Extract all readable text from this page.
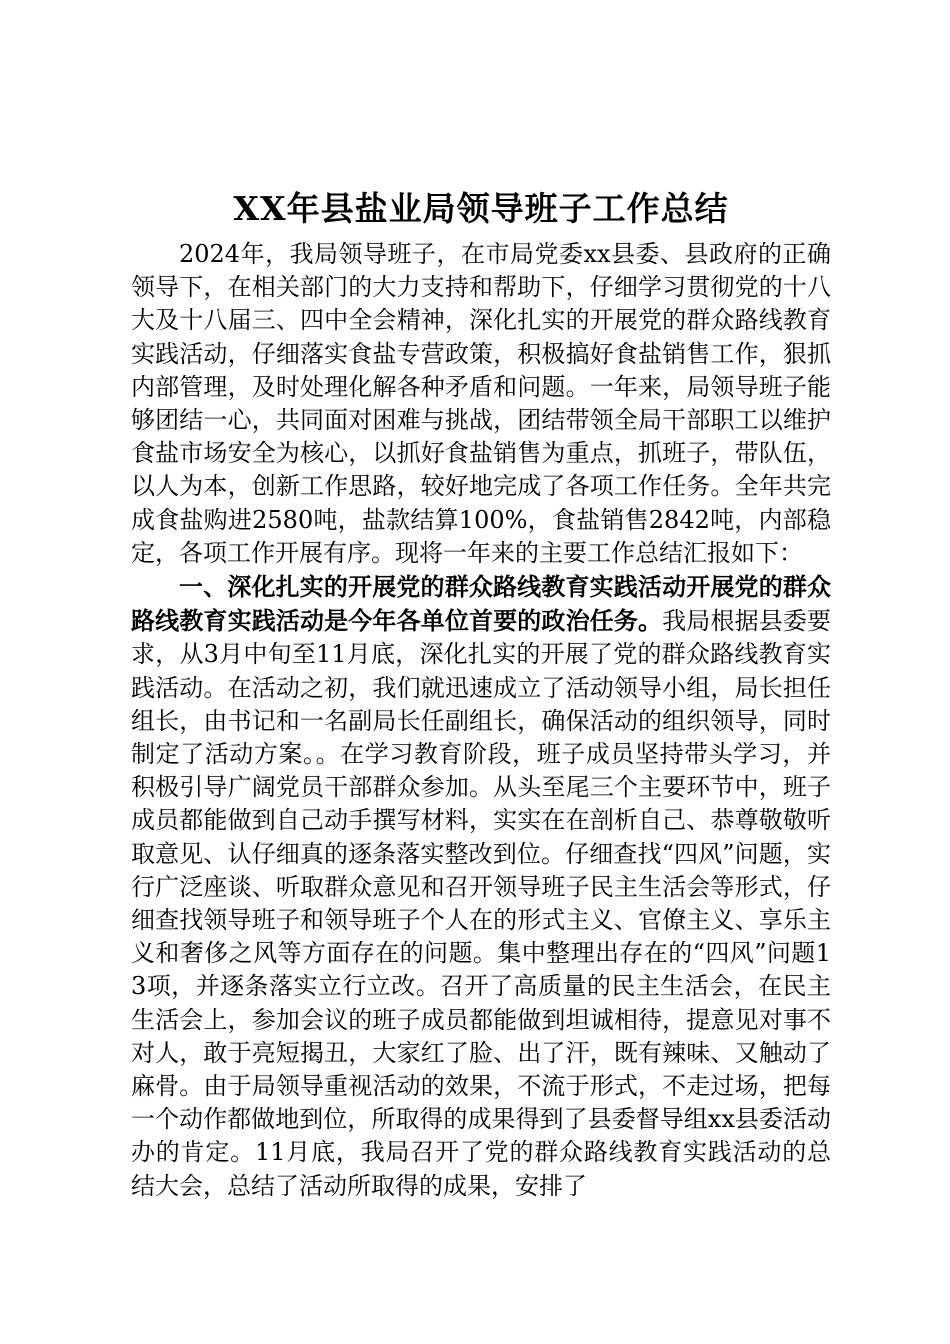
XX年县盐业局领导班子工作总结

2024年，我局领导班子，在市局党委xx县委、县政府的正确领导下，在相关部门的大力支持和帮助下，仔细学习贯彻党的十八大及十八届三、四中全会精神，深化扎实的开展党的群众路线教育实践活动，仔细落实食盐专营政策，积极搞好食盐销售工作，狠抓内部管理，及时处理化解各种矛盾和问题。一年来，局领导班子能够团结一心，共同面对困难与挑战，团结带领全局干部职工以维护食盐市场安全为核心，以抓好食盐销售为重点，抓班子，带队伍，以人为本，创新工作思路，较好地完成了各项工作任务。全年共完成食盐购进2580吨，盐款结算100%，食盐销售2842吨，内部稳定，各项工作开展有序。现将一年来的主要工作总结汇报如下：

一、深化扎实的开展党的群众路线教育实践活动开展党的群众路线教育实践活动是今年各单位首要的政治任务。我局根据县委要求，从3月中旬至11月底，深化扎实的开展了党的群众路线教育实践活动。在活动之初，我们就迅速成立了活动领导小组，局长担任组长，由书记和一名副局长任副组长，确保活动的组织领导，同时制定了活动方案。。在学习教育阶段，班子成员坚持带头学习，并积极引导广阔党员干部群众参加。从头至尾三个主要环节中，班子成员都能做到自己动手撰写材料，实实在在剖析自己、恭尊敬敬听取意见、认仔细真的逐条落实整改到位。仔细查找“四风”问题，实行广泛座谈、听取群众意见和召开领导班子民主生活会等形式，仔细查找领导班子和领导班子个人在的形式主义、官僚主义、享乐主义和奢侈之风等方面存在的问题。集中整理出存在的“四风”问题13项，并逐条落实立行立改。召开了高质量的民主生活会，在民主生活会上，参加会议的班子成员都能做到坦诚相待，提意见对事不对人，敢于亮短揭丑，大家红了脸、出了汗，既有辣味、又触动了麻骨。由于局领导重视活动的效果，不流于形式，不走过场，把每一个动作都做地到位，所取得的成果得到了县委督导组xx县委活动办的肯定。11月底，我局召开了党的群众路线教育实践活动的总结大会，总结了活动所取得的成果，安排了
